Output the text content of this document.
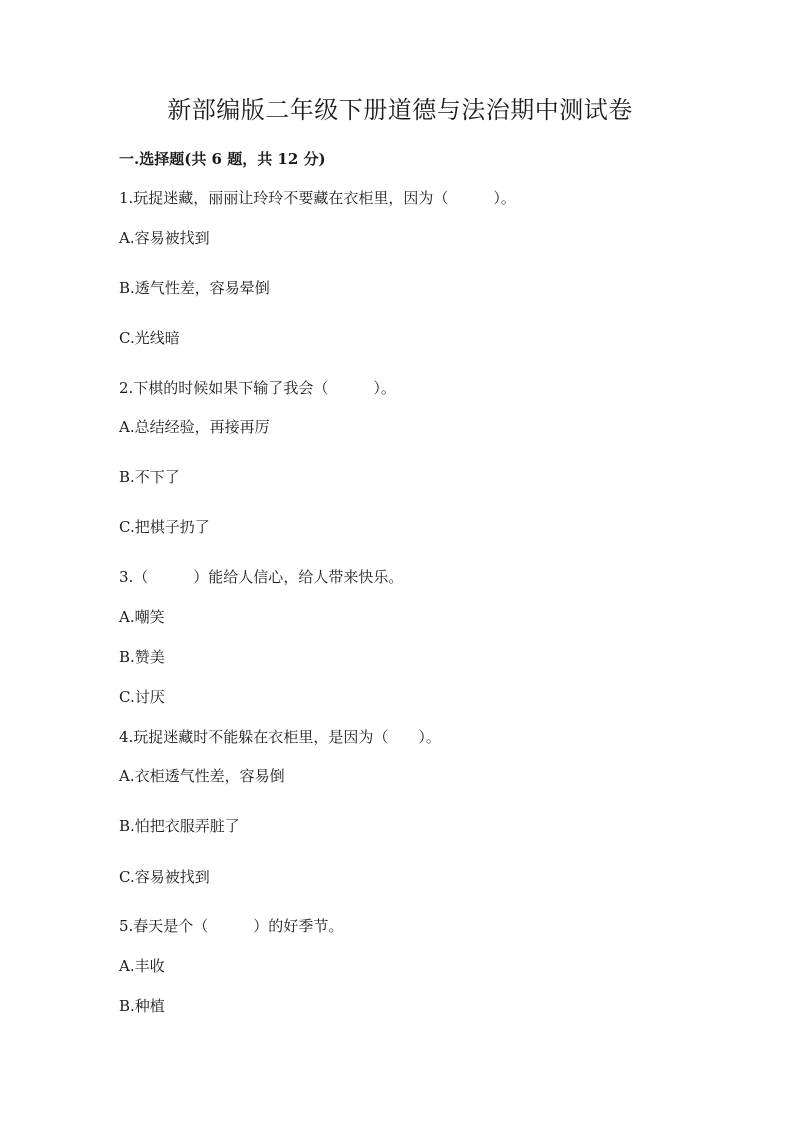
新部编版二年级下册道德与法治期中测试卷
一.选择题(共 6 题，共 12 分)
1.玩捉迷藏，丽丽让玲玲不要藏在衣柜里，因为（　　　）。
A.容易被找到
B.透气性差，容易晕倒
C.光线暗
2.下棋的时候如果下输了我会（　　　）。
A.总结经验，再接再厉
B.不下了
C.把棋子扔了
3.（　　　）能给人信心，给人带来快乐。
A.嘲笑
B.赞美
C.讨厌
4.玩捉迷藏时不能躲在衣柜里，是因为（　　）。
A.衣柜透气性差，容易倒
B.怕把衣服弄脏了
C.容易被找到
5.春天是个（　　　）的好季节。
A.丰收
B.种植
